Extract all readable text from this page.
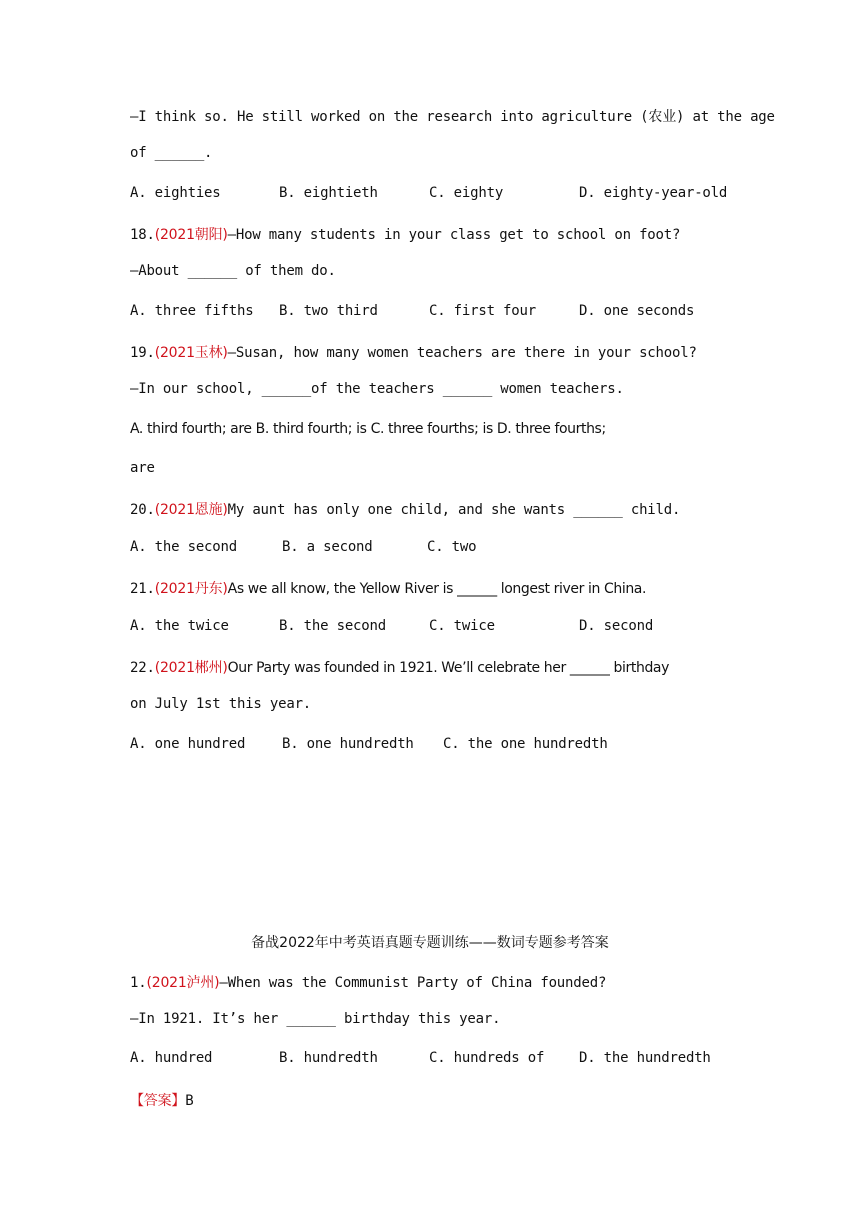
—I think so. He still worked on the research into agriculture (农业) at the age
of ______.
A. eighties	B. eightieth	C. eighty	D. eighty-year-old
18.(2021朝阳)—How many students in your class get to school on foot?
—About ______ of them do.
A. three fifths B. two third	C. first four	D. one seconds
19.(2021玉林)—Susan, how many women teachers are there in your school?
—In our school, ______of the teachers ______ women teachers.
A. third fourth; are B. third fourth; is C. three fourths; is D. three fourths;
are
20.(2021恩施)My aunt has only one child, and she wants ______ child.
A. the second	B. a second	C. two
21.(2021丹东)As we all know, the Yellow River is ______ longest river in China.
A. the twice	B. the second	C. twice	D. second
22.(2021郴州)Our Party was founded in 1921. We’ll celebrate her ______ birthday
on July 1st this year.
A. one hundred	B. one hundredth C. the one hundredth
备战2022年中考英语真题专题训练——数词专题参考答案
1.(2021泸州)—When was the Communist Party of China founded?
—In 1921. It’s her ______ birthday this year.
A. hundred	B. hundredth	C. hundreds of D. the hundredth
【答案】B
